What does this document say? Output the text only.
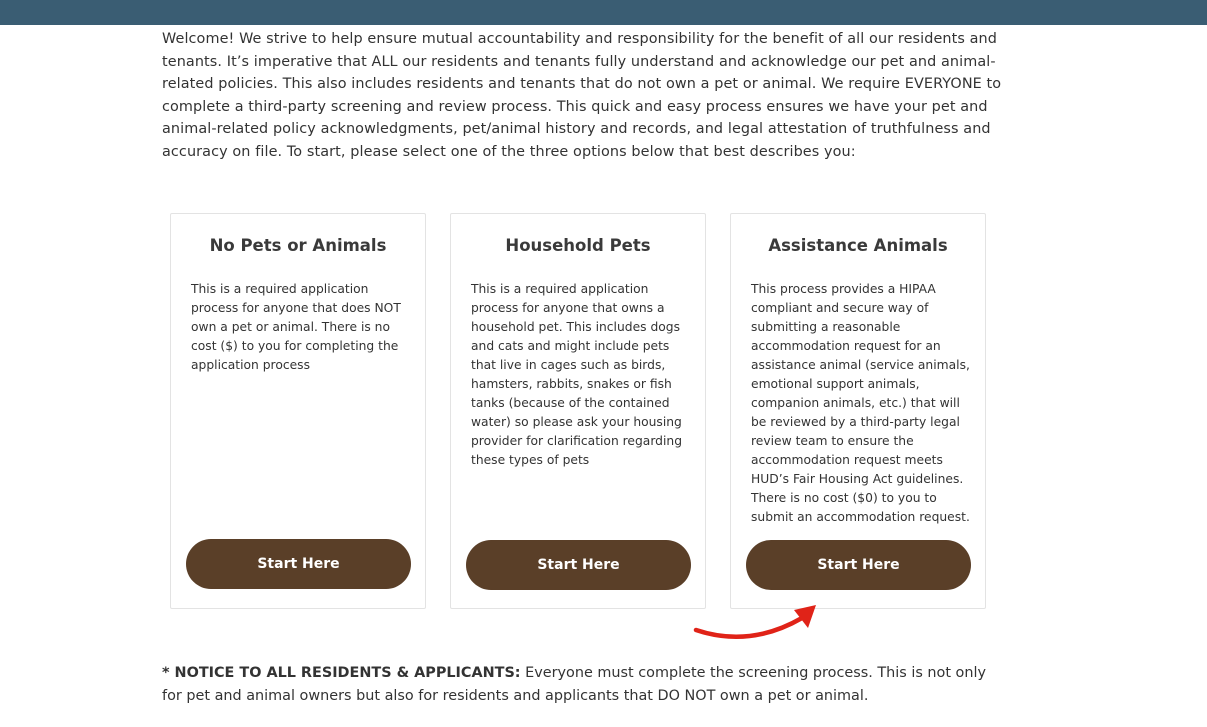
Welcome! We strive to help ensure mutual accountability and responsibility for the benefit of all our residents and tenants. It’s imperative that ALL our residents and tenants fully understand and acknowledge our pet and animal-related policies. This also includes residents and tenants that do not own a pet or animal. We require EVERYONE to complete a third-party screening and review process. This quick and easy process ensures we have your pet and animal-related policy acknowledgments, pet/animal history and records, and legal attestation of truthfulness and accuracy on file. To start, please select one of the three options below that best describes you:

No Pets or Animals

This is a required application process for anyone that does NOT own a pet or animal. There is no cost ($) to you for completing the application process

Start Here
Household Pets

This is a required application process for anyone that owns a household pet. This includes dogs and cats and might include pets that live in cages such as birds, hamsters, rabbits, snakes or fish tanks (because of the contained water) so please ask your housing provider for clarification regarding these types of pets

Start Here
Assistance Animals

This process provides a HIPAA compliant and secure way of submitting a reasonable accommodation request for an assistance animal (service animals, emotional support animals, companion animals, etc.) that will be reviewed by a third-party legal review team to ensure the accommodation request meets HUD’s Fair Housing Act guidelines. There is no cost ($0) to you to submit an accommodation request.

Start Here

* NOTICE TO ALL RESIDENTS & APPLICANTS: Everyone must complete the screening process. This is not only for pet and animal owners but also for residents and applicants that DO NOT own a pet or animal.
